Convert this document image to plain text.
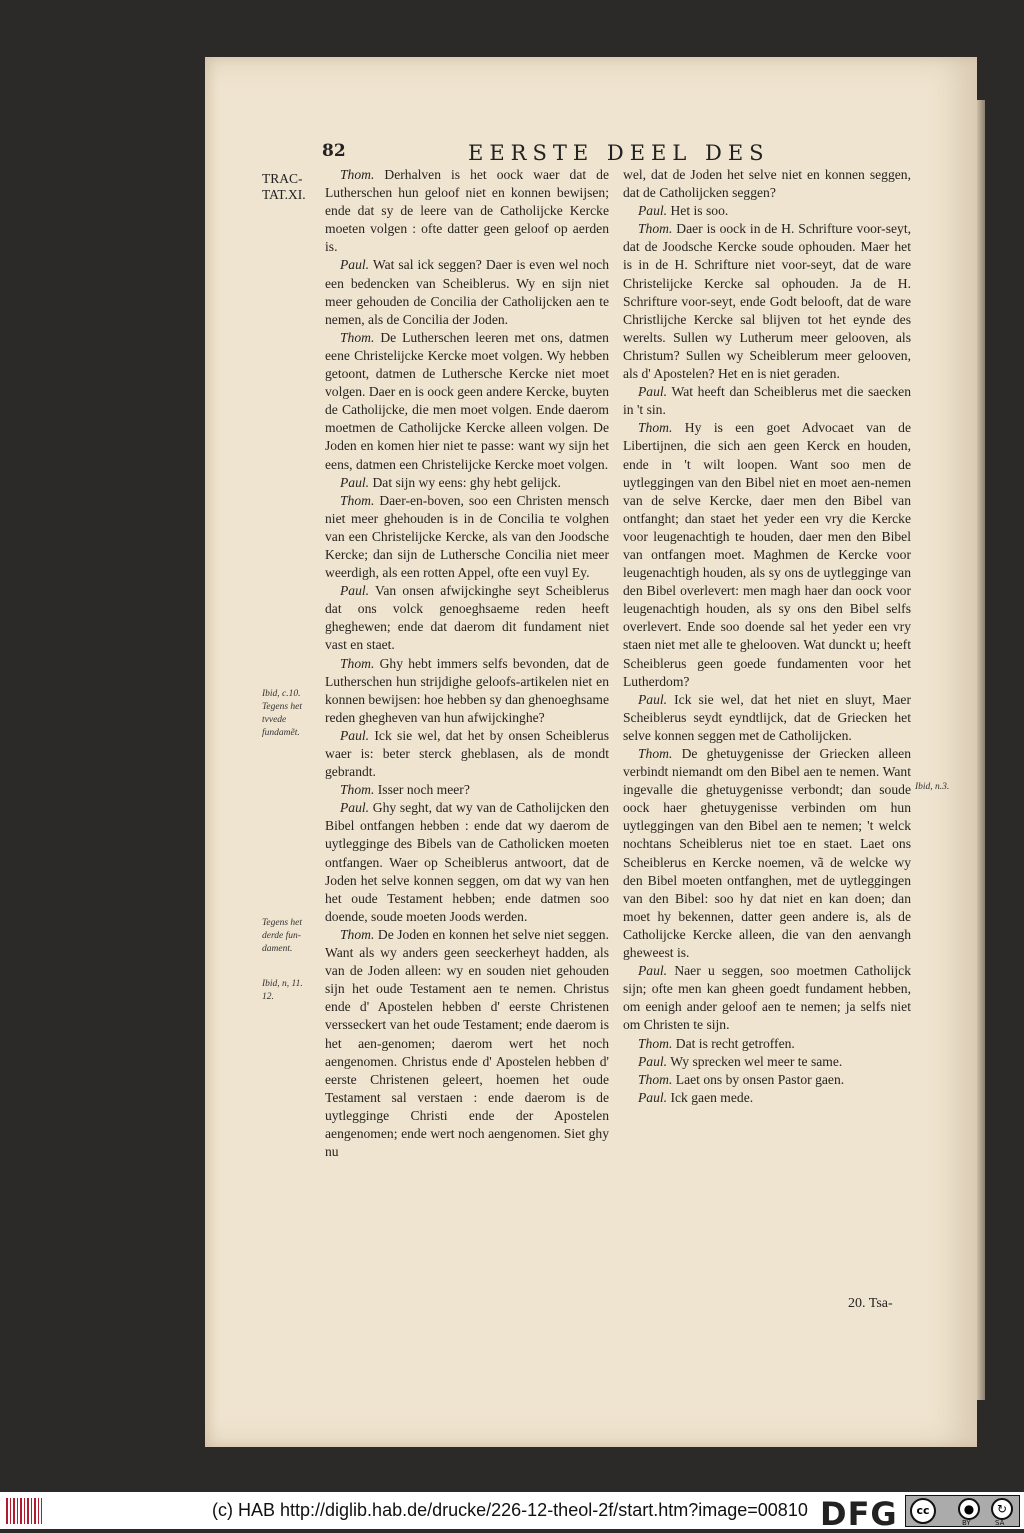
82	EERSTE DEEL DES
TRAC-
TAT.XI.
Ibid, c.10.
Tegens het
tvvede
fundamẽt.
Tegens het
derde fun-
dament.
Ibid, n, 11.
12.
Ibid, n.3.

Thom. Derhalven is het oock waer dat de Lutherschen hun geloof niet en konnen bewijsen; ende dat sy de leere van de Catholijcke Kercke moeten volgen : ofte datter geen geloof op aerden is.

Paul. Wat sal ick seggen? Daer is even wel noch een bedencken van Scheiblerus. Wy en sijn niet meer gehouden de Concilia der Catholijcken aen te nemen, als de Concilia der Joden.

Thom. De Lutherschen leeren met ons, datmen eene Christelijcke Kercke moet volgen. Wy hebben getoont, datmen de Luthersche Kercke niet moet volgen. Daer en is oock geen andere Kercke, buyten de Catholijcke, die men moet volgen. Ende daerom moetmen de Catholijcke Kercke alleen volgen. De Joden en komen hier niet te passe: want wy sijn het eens, datmen een Christelijcke Kercke moet volgen.

Paul. Dat sijn wy eens: ghy hebt gelijck.

Thom. Daer-en-boven, soo een Christen mensch niet meer ghehouden is in de Concilia te volghen van een Christelijcke Kercke, als van den Joodsche Kercke; dan sijn de Luthersche Concilia niet meer weerdigh, als een rotten Appel, ofte een vuyl Ey.

Paul. Van onsen afwijckinghe seyt Scheiblerus dat ons volck genoeghsaeme reden heeft gheghewen; ende dat daerom dit fundament niet vast en staet.

Thom. Ghy hebt immers selfs bevonden, dat de Lutherschen hun strijdighe geloofs-artikelen niet en konnen bewijsen: hoe hebben sy dan ghenoeghsame reden ghegheven van hun afwijckinghe?

Paul. Ick sie wel, dat het by onsen Scheiblerus waer is: beter sterck gheblasen, als de mondt gebrandt.

Thom. Isser noch meer?

Paul. Ghy seght, dat wy van de Catholijcken den Bibel ontfangen hebben : ende dat wy daerom de uytlegginge des Bibels van de Catholicken moeten ontfangen. Waer op Scheiblerus antwoort, dat de Joden het selve konnen seggen, om dat wy van hen het oude Testament hebben; ende datmen soo doende, soude moeten Joods werden.

Thom. De Joden en konnen het selve niet seggen. Want als wy anders geen seeckerheyt hadden, als van de Joden alleen: wy en souden niet gehouden sijn het oude Testament aen te nemen. Christus ende d' Apostelen hebben d' eerste Christenen versseckert van het oude Testament; ende daerom is het aen-genomen; daerom wert het noch aengenomen. Christus ende d' Apostelen hebben d' eerste Christenen geleert, hoemen het oude Testament sal verstaen : ende daerom is de uytlegginge Christi ende der Apostelen aengenomen; ende wert noch aengenomen. Siet ghy nu

wel, dat de Joden het selve niet en konnen seggen, dat de Catholijcken seggen?

Paul. Het is soo.

Thom. Daer is oock in de H. Schrifture voor-seyt, dat de Joodsche Kercke soude ophouden. Maer het is in de H. Schrifture niet voor-seyt, dat de ware Christelijcke Kercke sal ophouden. Ja de H. Schrifture voor-seyt, ende Godt belooft, dat de ware Christlijche Kercke sal blijven tot het eynde des werelts. Sullen wy Lutherum meer gelooven, als Christum? Sullen wy Scheiblerum meer gelooven, als d' Apostelen? Het en is niet geraden.

Paul. Wat heeft dan Scheiblerus met die saecken in 't sin.

Thom. Hy is een goet Advocaet van de Libertijnen, die sich aen geen Kerck en houden, ende in 't wilt loopen. Want soo men de uytleggingen van den Bibel niet en moet aen-nemen van de selve Kercke, daer men den Bibel van ontfanght; dan staet het yeder een vry die Kercke voor leugenachtigh te houden, daer men den Bibel van ontfangen moet. Maghmen de Kercke voor leugenachtigh houden, als sy ons de uytlegginge van den Bibel overlevert: men magh haer dan oock voor leugenachtigh houden, als sy ons den Bibel selfs overlevert. Ende soo doende sal het yeder een vry staen niet met alle te ghelooven. Wat dunckt u; heeft Scheiblerus geen goede fundamenten voor het Lutherdom?

Paul. Ick sie wel, dat het niet en sluyt, Maer Scheiblerus seydt eyndtlijck, dat de Griecken het selve konnen seggen met de Catholijcken.

Thom. De ghetuygenisse der Griecken alleen verbindt niemandt om den Bibel aen te nemen. Want ingevalle die ghetuygenisse verbondt; dan soude oock haer ghetuygenisse verbinden om hun uytleggingen van den Bibel aen te nemen; 't welck nochtans Scheiblerus niet toe en staet. Laet ons Scheiblerus en Kercke noemen, vã de welcke wy den Bibel moeten ontfanghen, met de uytleggingen van den Bibel: soo hy dat niet en kan doen; dan moet hy bekennen, datter geen andere is, als de Catholijcke Kercke alleen, die van den aenvangh gheweest is.

Paul. Naer u seggen, soo moetmen Catholijck sijn; ofte men kan gheen goedt fundament hebben, om eenigh ander geloof aen te nemen; ja selfs niet om Christen te sijn.

Thom. Dat is recht getroffen.

Paul. Wy sprecken wel meer te same.

Thom. Laet ons by onsen Pastor gaen.

Paul. Ick gaen mede.

20. Tsa-
(c) HAB http://diglib.hab.de/drucke/226-12-theol-2f/start.htm?image=00810 DFG	cc	●	↻
BY	SA
